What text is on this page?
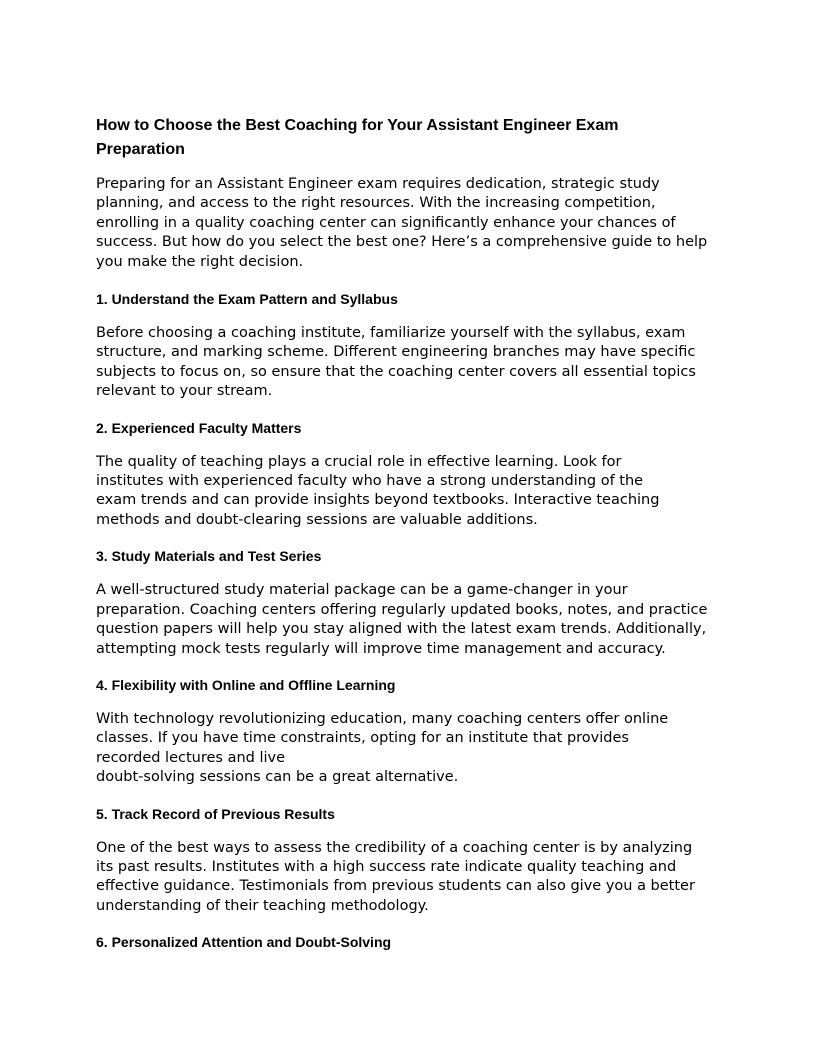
How to Choose the Best Coaching for Your Assistant Engineer Exam
Preparation

Preparing for an Assistant Engineer exam requires dedication, strategic study
planning, and access to the right resources. With the increasing competition,
enrolling in a quality coaching center can significantly enhance your chances of
success. But how do you select the best one? Here’s a comprehensive guide to help
you make the right decision.

1. Understand the Exam Pattern and Syllabus

Before choosing a coaching institute, familiarize yourself with the syllabus, exam
structure, and marking scheme. Different engineering branches may have specific
subjects to focus on, so ensure that the coaching center covers all essential topics
relevant to your stream.

2. Experienced Faculty Matters

The quality of teaching plays a crucial role in effective learning. Look for
institutes with experienced faculty who have a strong understanding of the
exam trends and can provide insights beyond textbooks. Interactive teaching
methods and doubt-clearing sessions are valuable additions.

3. Study Materials and Test Series

A well-structured study material package can be a game-changer in your
preparation. Coaching centers offering regularly updated books, notes, and practice
question papers will help you stay aligned with the latest exam trends. Additionally,
attempting mock tests regularly will improve time management and accuracy.

4. Flexibility with Online and Offline Learning

With technology revolutionizing education, many coaching centers offer online
classes. If you have time constraints, opting for an institute that provides
recorded lectures and live
doubt-solving sessions can be a great alternative.

5. Track Record of Previous Results

One of the best ways to assess the credibility of a coaching center is by analyzing
its past results. Institutes with a high success rate indicate quality teaching and
effective guidance. Testimonials from previous students can also give you a better
understanding of their teaching methodology.

6. Personalized Attention and Doubt-Solving
